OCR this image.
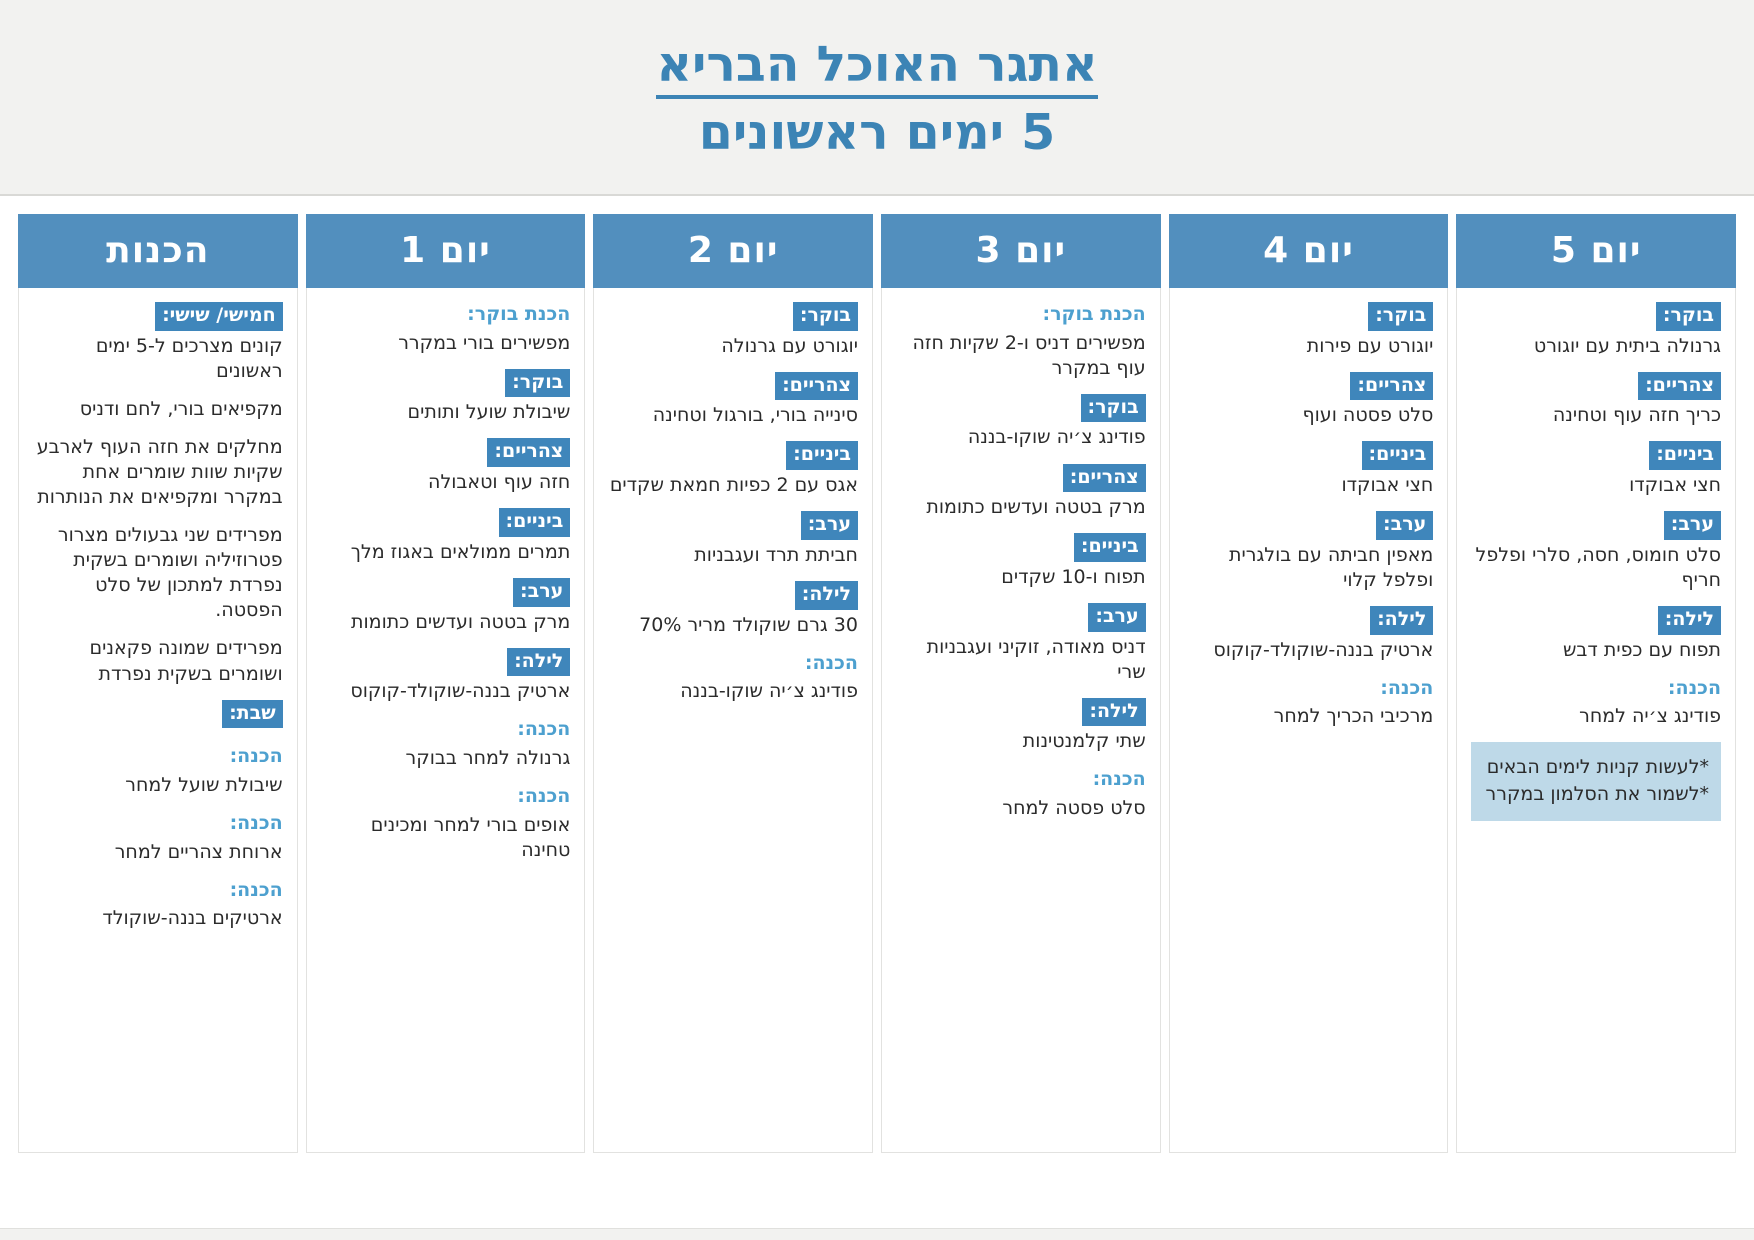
אתגר האוכל הבריא
5 ימים ראשונים
יום 5
בוקר:
גרנולה ביתית עם יוגורט
צהריים:
כריך חזה עוף וטחינה
ביניים:
חצי אבוקדו
ערב:
סלט חומוס, חסה, סלרי ופלפל חריף
לילה:
תפוח עם כפית דבש
הכנה:
פודינג צ׳יה למחר
*לעשות קניות לימים הבאים
*לשמור את הסלמון במקרר
יום 4
בוקר:
יוגורט עם פירות
צהריים:
סלט פסטה ועוף
ביניים:
חצי אבוקדו
ערב:
מאפין חביתה עם בולגרית ופלפל קלוי
לילה:
ארטיק בננה-שוקולד-קוקוס
הכנה:
מרכיבי הכריך למחר
יום 3
הכנת בוקר:
מפשירים דניס ו-2 שקיות חזה עוף במקרר
בוקר:
פודינג צ׳יה שוקו-בננה
צהריים:
מרק בטטה ועדשים כתומות
ביניים:
תפוח ו-10 שקדים
ערב:
דניס מאודה, זוקיני ועגבניות שרי
לילה:
שתי קלמנטינות
הכנה:
סלט פסטה למחר
יום 2
בוקר:
יוגורט עם גרנולה
צהריים:
סינייה בורי, בורגול וטחינה
ביניים:
אגס עם 2 כפיות חמאת שקדים
ערב:
חביתת תרד ועגבניות
לילה:
30 גרם שוקולד מריר 70%
הכנה:
פודינג צ׳יה שוקו-בננה
יום 1
הכנת בוקר:
מפשירים בורי במקרר
בוקר:
שיבולת שועל ותותים
צהריים:
חזה עוף וטאבולה
ביניים:
תמרים ממולאים באגוז מלך
ערב:
מרק בטטה ועדשים כתומות
לילה:
ארטיק בננה-שוקולד-קוקוס
הכנה:
גרנולה למחר בבוקר
הכנה:
אופים בורי למחר ומכינים טחינה
הכנות
חמישי/ שישי:
קונים מצרכים ל-5 ימים ראשונים
מקפיאים בורי, לחם ודניס
מחלקים את חזה העוף לארבע שקיות שוות שומרים אחת במקרר ומקפיאים את הנותרות
מפרידים שני גבעולים מצרור פטרוזיליה ושומרים בשקית נפרדת למתכון של סלט הפסטה.
מפרידים שמונה פקאנים ושומרים בשקית נפרדת
שבת:
הכנה:
שיבולת שועל למחר
הכנה:
ארוחת צהריים למחר
הכנה:
ארטיקים בננה-שוקולד
